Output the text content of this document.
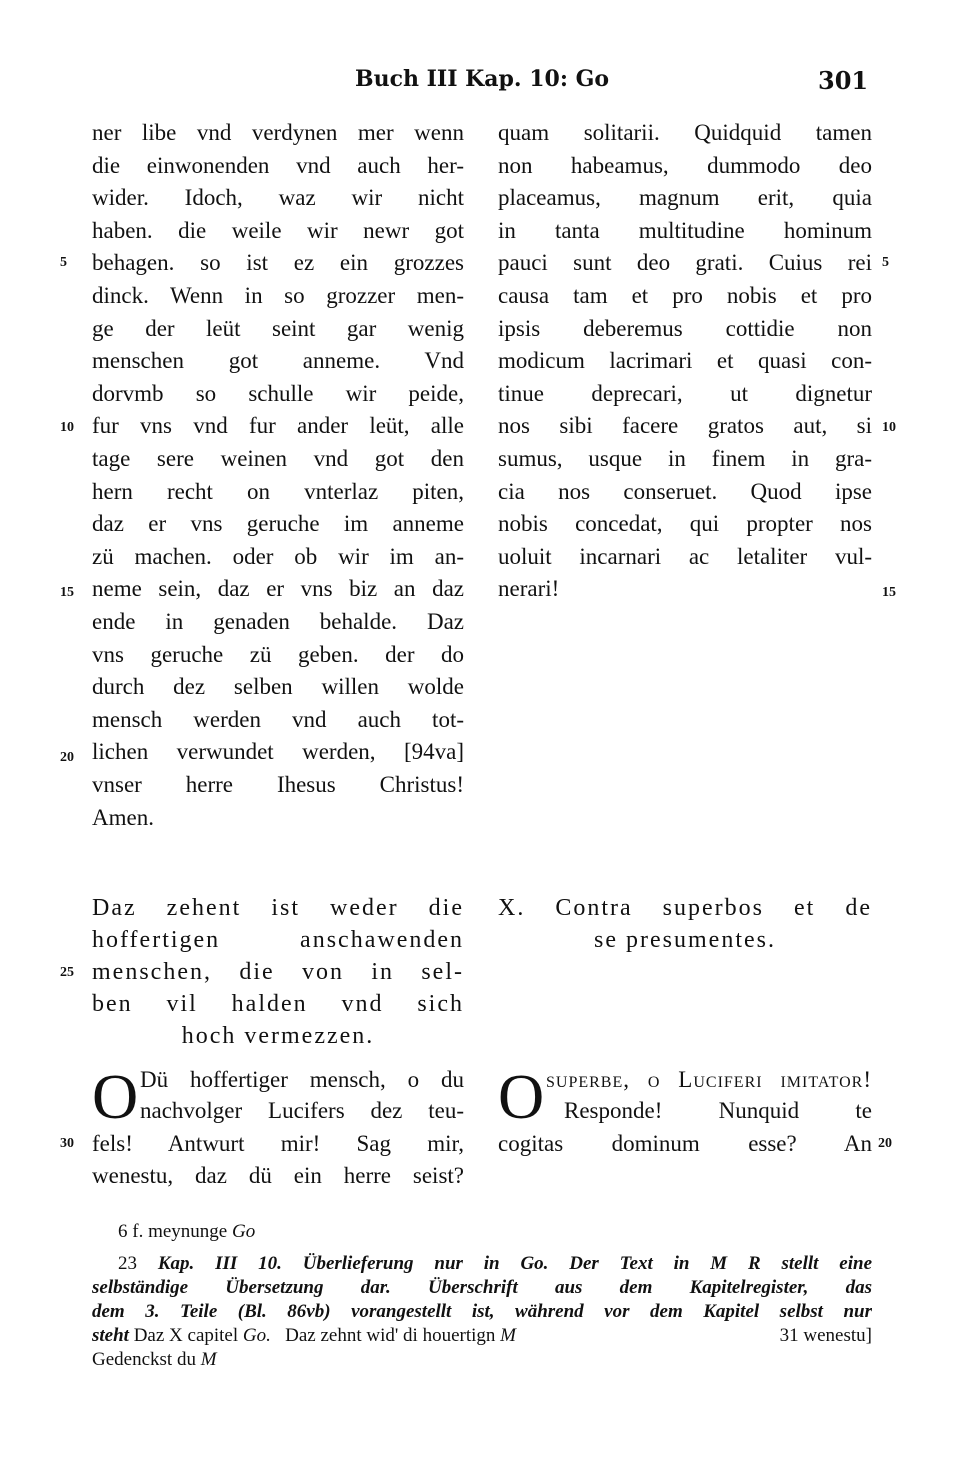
Buch III Kap. 10: Go	301
ner libe vnd verdynen mer wenn
die einwonenden vnd auch her-
wider. Idoch, waz wir nicht
haben. die weile wir newr got
behagen. so ist ez ein grozzes
dinck. Wenn in so grozzer men-
ge der leüt seint gar wenig
menschen got anneme. Vnd
dorvmb so schulle wir peide,
fur vns vnd fur ander leüt, alle
tage sere weinen vnd got den
hern recht on vnterlaz piten,
daz er vns geruche im anneme
zü machen. oder ob wir im an-
neme sein, daz er vns biz an daz
ende in genaden behalde. Daz
vns geruche zü geben. der do
durch dez selben willen wolde
mensch werden vnd auch tot-
lichen verwundet werden, [94va]
vnser herre Ihesus Christus!
Amen.
quam solitarii. Quidquid tamen
non habeamus, dummodo deo
placeamus, magnum erit, quia
in tanta multitudine hominum
pauci sunt deo grati. Cuius rei
causa tam et pro nobis et pro
ipsis deberemus cottidie non
modicum lacrimari et quasi con-
tinue deprecari, ut dignetur
nos sibi facere gratos aut, si
sumus, usque in finem in gra-
cia nos conseruet. Quod ipse
nobis concedat, qui propter nos
uoluit incarnari ac letaliter vul-
nerari!
5
10
15
20
5
10
15
Daz zehent ist weder die
hoffertigen anschawenden
menschen, die von in sel-
ben vil halden vnd sich
hoch vermezzen.
25
X. Contra superbos et de
se presumentes.
O Dü hoffertiger mensch, o du
nachvolger Lucifers dez teu-
fels! Antwurt mir! Sag mir,
wenestu, daz dü ein herre seist?
30
O superbe, o Luciferi imitator!
Responde! Nunquid te
cogitas dominum esse? An 20
6 f. meynunge Go
23 Kap. III 10. Überlieferung nur in Go. Der Text in M R stellt eine
selbständige Übersetzung dar. Überschrift aus dem Kapitelregister, das
dem 3. Teile (Bl. 86vb) vorangestellt ist, während vor dem Kapitel selbst nur
steht Daz X capitel Go. Daz zehnt wid' di houertign M	31 wenestu]
Gedenckst du M
